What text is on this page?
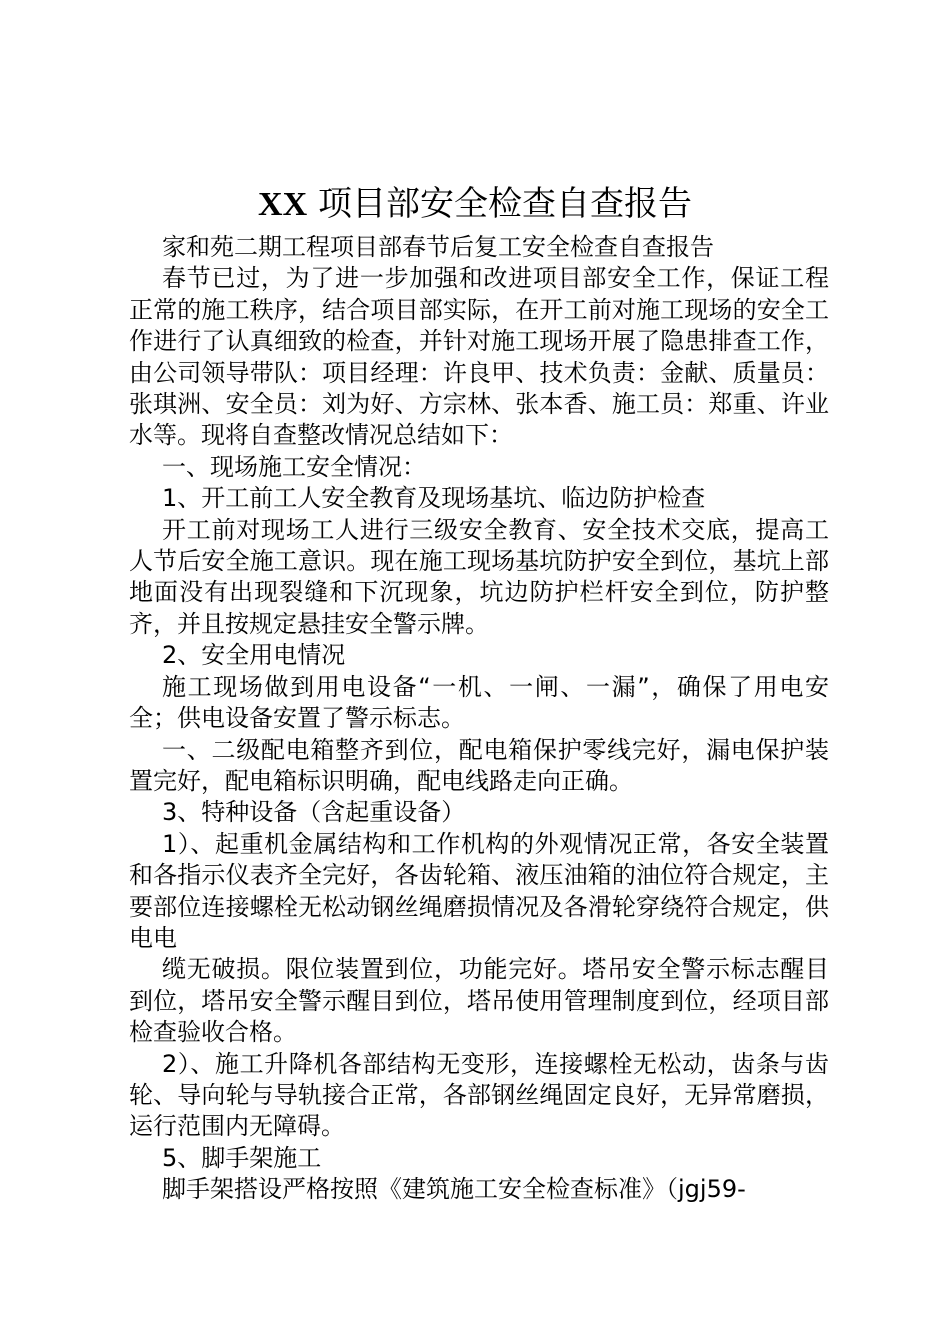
XX 项目部安全检查自查报告

家和苑二期工程项目部春节后复工安全检查自查报告

春节已过，为了进一步加强和改进项目部安全工作，保证工程正常的施工秩序，结合项目部实际，在开工前对施工现场的安全工作进行了认真细致的检查，并针对施工现场开展了隐患排查工作，由公司领导带队：项目经理：许良甲、技术负责：金献、质量员：张琪洲、安全员：刘为好、方宗林、张本香、施工员：郑重、许业水等。现将自查整改情况总结如下：

一、现场施工安全情况：

1、开工前工人安全教育及现场基坑、临边防护检查

开工前对现场工人进行三级安全教育、安全技术交底，提高工人节后安全施工意识。现在施工现场基坑防护安全到位，基坑上部地面没有出现裂缝和下沉现象，坑边防护栏杆安全到位，防护整齐，并且按规定悬挂安全警示牌。

2、安全用电情况

施工现场做到用电设备“一机、一闸、一漏”，确保了用电安全；供电设备安置了警示标志。

一、二级配电箱整齐到位，配电箱保护零线完好，漏电保护装置完好，配电箱标识明确，配电线路走向正确。

3、特种设备（含起重设备）

1）、起重机金属结构和工作机构的外观情况正常，各安全装置和各指示仪表齐全完好，各齿轮箱、液压油箱的油位符合规定，主要部位连接螺栓无松动钢丝绳磨损情况及各滑轮穿绕符合规定，供电电

缆无破损。限位装置到位，功能完好。塔吊安全警示标志醒目到位，塔吊安全警示醒目到位，塔吊使用管理制度到位，经项目部检查验收合格。

2）、施工升降机各部结构无变形，连接螺栓无松动，齿条与齿轮、导向轮与导轨接合正常，各部钢丝绳固定良好，无异常磨损，运行范围内无障碍。

5、脚手架施工

脚手架搭设严格按照《建筑施工安全检查标准》（jgj59-
